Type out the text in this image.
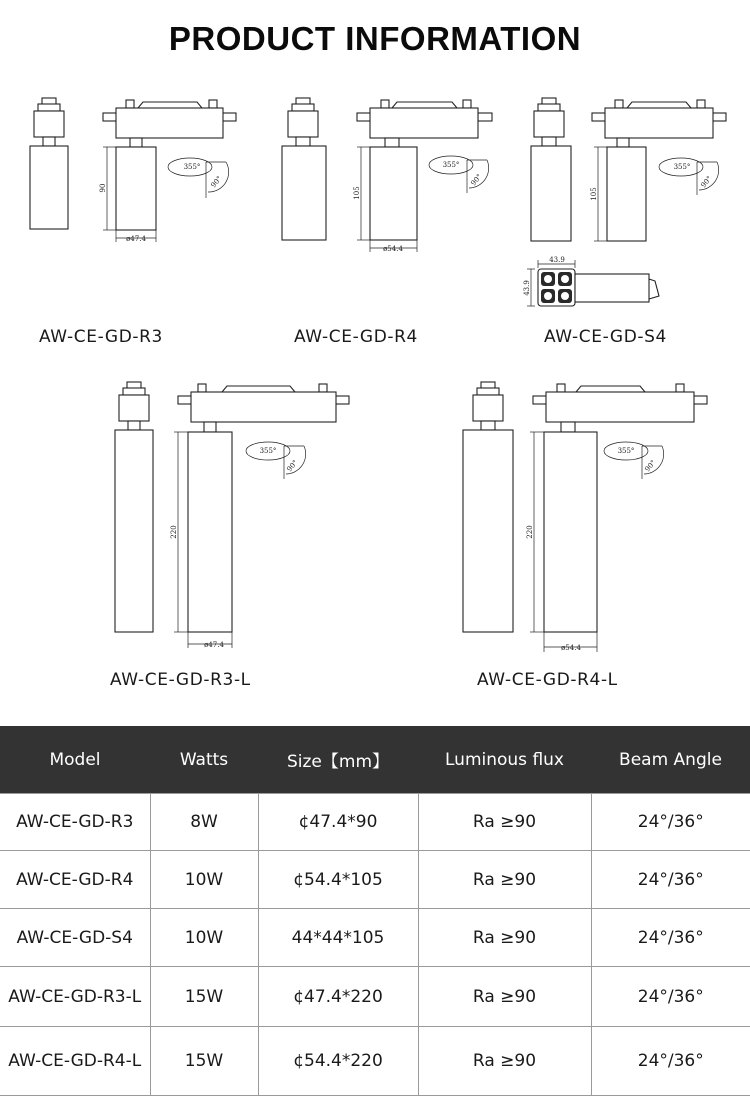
PRODUCT INFORMATION
90
ø47.4
355°
90°
105
ø54.4
355°
90°
105
355°
90°
43.9
43.9
220
ø47.4
355°
90°
220
ø54.4
355°
90°
AW-CE-GD-R3	AW-CE-GD-R4	AW-CE-GD-S4
AW-CE-GD-R3-L	AW-CE-GD-R4-L
Model	Watts	Size【mm】	Luminous flux	Beam Angle
AW-CE-GD-R3	8W	¢47.4*90	Ra ≥90	24°/36°
AW-CE-GD-R4	10W	¢54.4*105	Ra ≥90	24°/36°
AW-CE-GD-S4	10W	44*44*105	Ra ≥90	24°/36°
AW-CE-GD-R3-L	15W	¢47.4*220	Ra ≥90	24°/36°
AW-CE-GD-R4-L	15W	¢54.4*220	Ra ≥90	24°/36°
